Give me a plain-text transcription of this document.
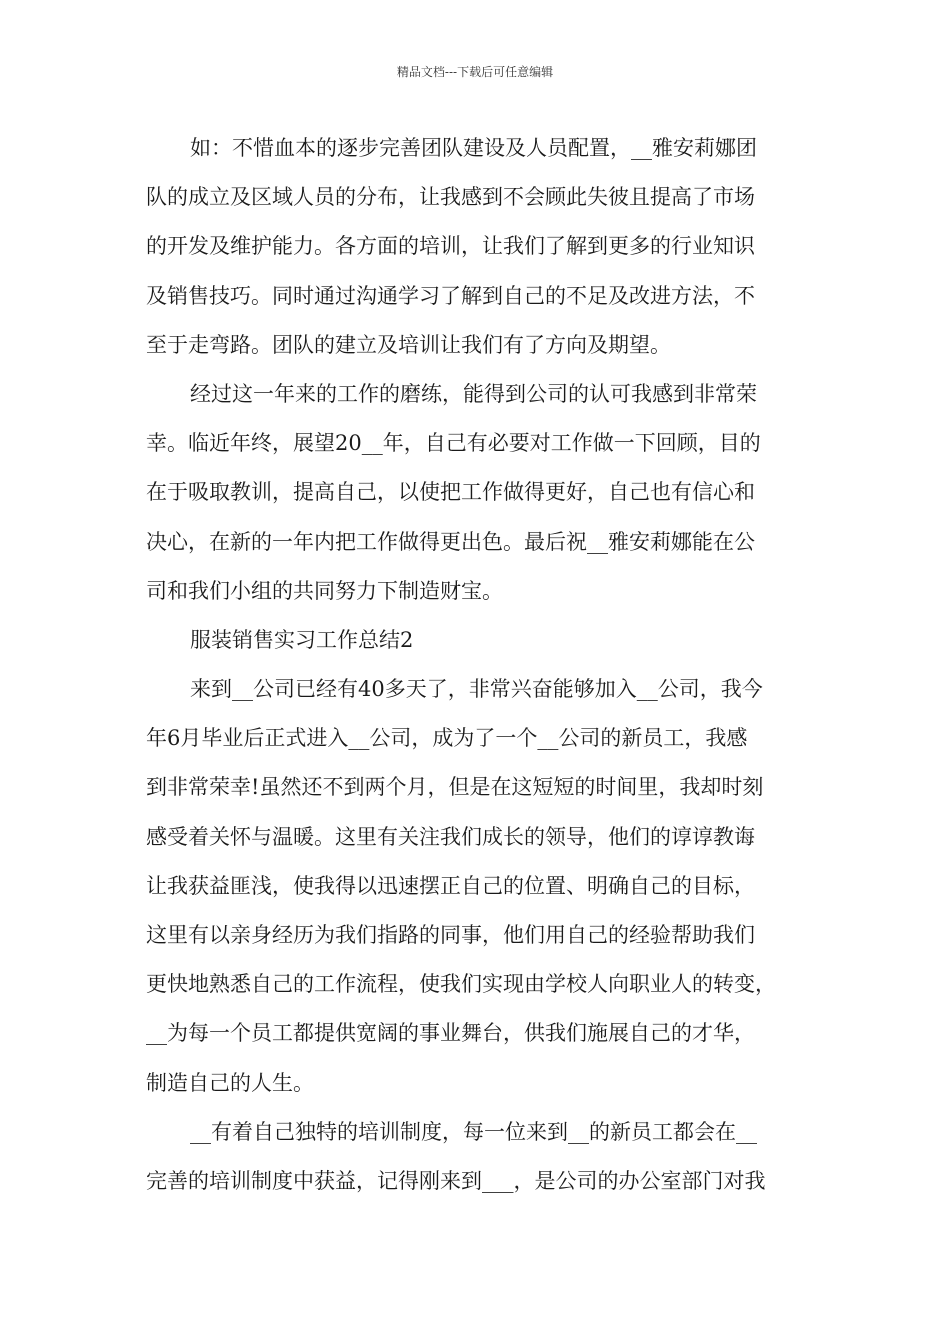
精品文档---下载后可任意编辑
如：不惜血本的逐步完善团队建设及人员配置，__雅安莉娜团
队的成立及区域人员的分布，让我感到不会顾此失彼且提高了市场
的开发及维护能力。各方面的培训，让我们了解到更多的行业知识
及销售技巧。同时通过沟通学习了解到自己的不足及改进方法，不
至于走弯路。团队的建立及培训让我们有了方向及期望。
经过这一年来的工作的磨练，能得到公司的认可我感到非常荣
幸。临近年终，展望20__年，自己有必要对工作做一下回顾，目的
在于吸取教训，提高自己，以使把工作做得更好，自己也有信心和
决心，在新的一年内把工作做得更出色。最后祝__雅安莉娜能在公
司和我们小组的共同努力下制造财宝。
服装销售实习工作总结2
来到__公司已经有40多天了，非常兴奋能够加入__公司，我今
年6月毕业后正式进入__公司，成为了一个__公司的新员工，我感
到非常荣幸!虽然还不到两个月，但是在这短短的时间里，我却时刻
感受着关怀与温暖。这里有关注我们成长的领导，他们的谆谆教诲
让我获益匪浅，使我得以迅速摆正自己的位置、明确自己的目标，
这里有以亲身经历为我们指路的同事，他们用自己的经验帮助我们
更快地熟悉自己的工作流程，使我们实现由学校人向职业人的转变，
__为每一个员工都提供宽阔的事业舞台，供我们施展自己的才华，
制造自己的人生。
__有着自己独特的培训制度，每一位来到__的新员工都会在__
完善的培训制度中获益，记得刚来到___，是公司的办公室部门对我
